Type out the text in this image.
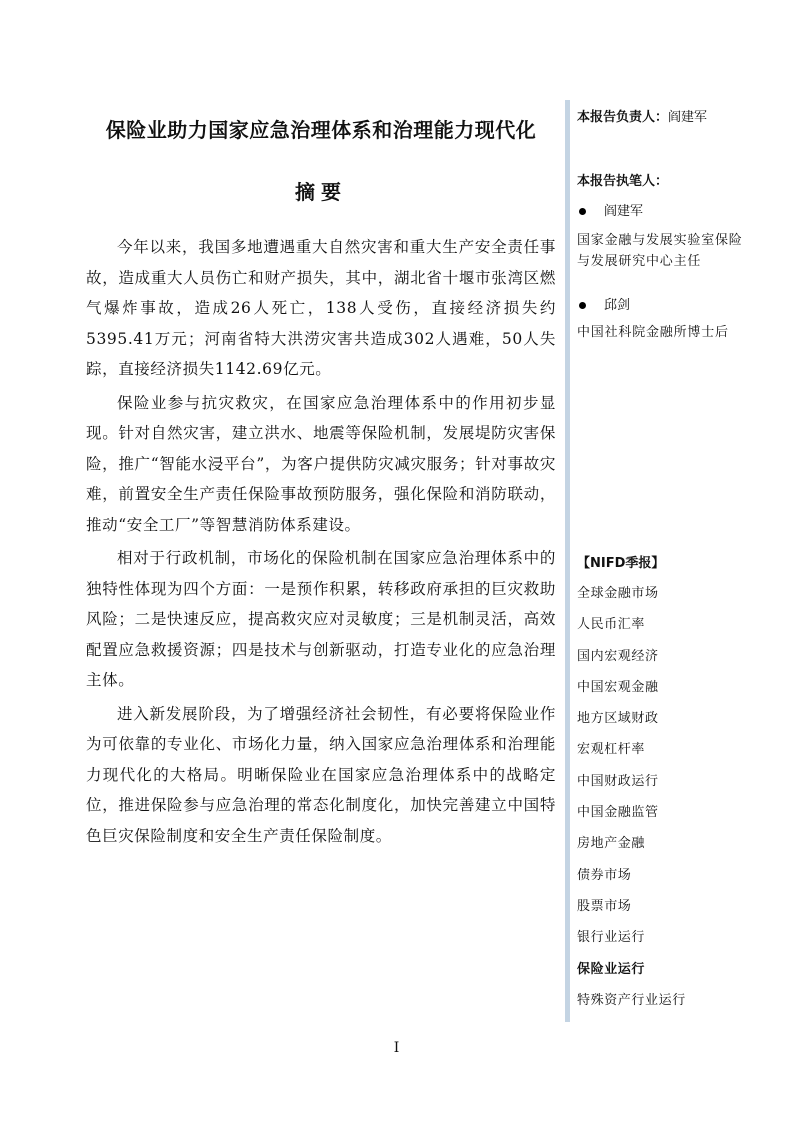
保险业助力国家应急治理体系和治理能力现代化
摘要

今年以来，我国多地遭遇重大自然灾害和重大生产安全责任事故，造成重大人员伤亡和财产损失，其中，湖北省十堰市张湾区燃气爆炸事故，造成26人死亡，138人受伤，直接经济损失约5395.41万元；河南省特大洪涝灾害共造成302人遇难，50人失踪，直接经济损失1142.69亿元。

保险业参与抗灾救灾，在国家应急治理体系中的作用初步显现。针对自然灾害，建立洪水、地震等保险机制，发展堤防灾害保险，推广“智能水浸平台”，为客户提供防灾减灾服务；针对事故灾难，前置安全生产责任保险事故预防服务，强化保险和消防联动，推动“安全工厂”等智慧消防体系建设。

相对于行政机制，市场化的保险机制在国家应急治理体系中的独特性体现为四个方面：一是预作积累，转移政府承担的巨灾救助风险；二是快速反应，提高救灾应对灵敏度；三是机制灵活，高效配置应急救援资源；四是技术与创新驱动，打造专业化的应急治理主体。

进入新发展阶段，为了增强经济社会韧性，有必要将保险业作为可依靠的专业化、市场化力量，纳入国家应急治理体系和治理能力现代化的大格局。明晰保险业在国家应急治理体系中的战略定位，推进保险参与应急治理的常态化制度化，加快完善建立中国特色巨灾保险制度和安全生产责任保险制度。

本报告负责人：阎建军
本报告执笔人：
阎建军
国家金融与发展实验室保险与发展研究中心主任
邱剑
中国社科院金融所博士后
【NIFD季报】
全球金融市场
人民币汇率
国内宏观经济
中国宏观金融
地方区域财政
宏观杠杆率
中国财政运行
中国金融监管
房地产金融
债券市场
股票市场
银行业运行
保险业运行
特殊资产行业运行
I
